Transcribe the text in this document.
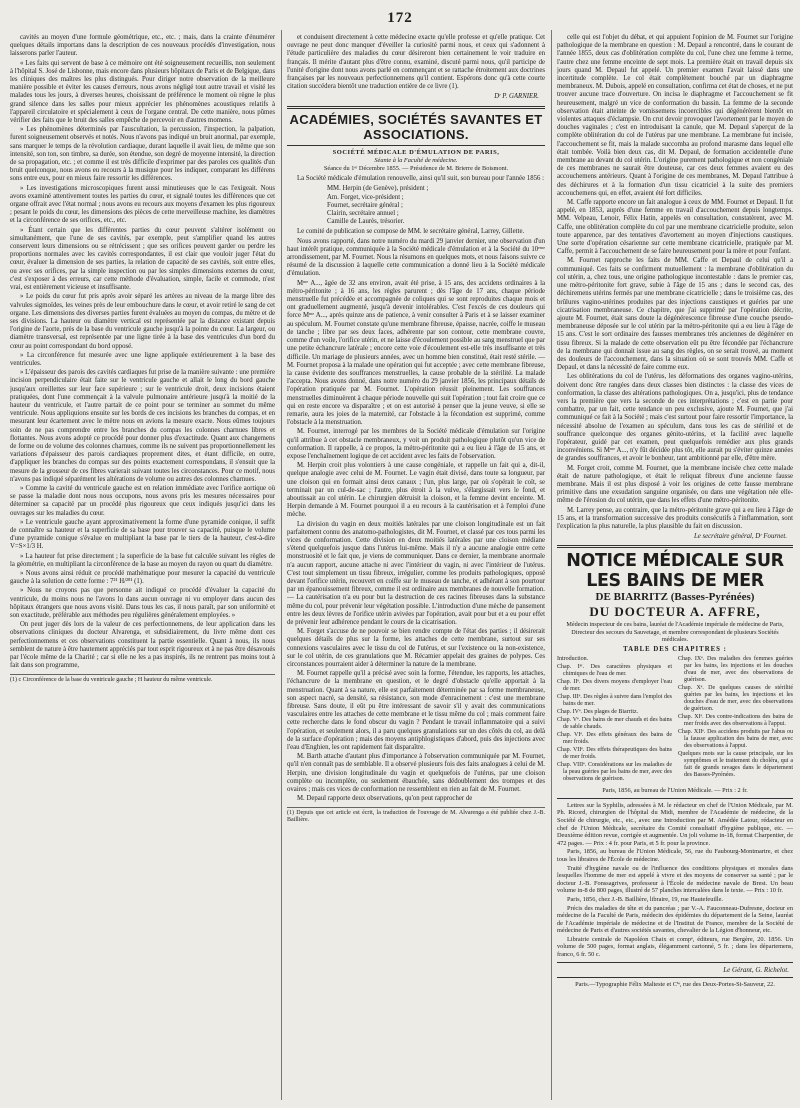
172

cavités au moyen d'une formule géométrique, etc., etc. ; mais, dans la crainte d'énumérer quelques détails importans dans la description de ces nouveaux procédés d'investigation, nous laisserons parler l'auteur.

« Les faits qui servent de base à ce mémoire ont été soigneusement recueillis, non seulement à l'hôpital S. José de Lisbonne, mais encore dans plusieurs hôpitaux de Paris et de Belgique, dans les cliniques des maîtres les plus distingués. Pour diriger notre observation de la meilleure manière possible et éviter les causes d'erreurs, nous avons négligé tout autre travail et visité les malades tous les jours, à diverses heures, choisissant de préférence le moment où règne le plus grand silence dans les salles pour mieux apprécier les phénomènes acoustiques relatifs à l'appareil circulatoire et spécialement à ceux de l'organe central. De cette manière, nous pûmes vérifier des faits que le bruit des salles empêche de percevoir en d'autres momens.

» Les phénomènes déterminés par l'auscultation, la percussion, l'inspection, la palpation, furent soigneusement observés et notés. Nous n'avons pas indiqué un bruit anormal, par exemple, sans marquer le temps de la révolution cardiaque, durant laquelle il avait lieu, de même que son intensité, son ton, son timbre, sa durée, son étendue, son degré de moyenne intensité, la direction de sa propagation, etc. ; et comme il est très difficile d'exprimer par des paroles ces qualités d'un bruit quelconque, nous avons eu recours à la musique pour les indiquer, comparant les différens sons entre eux, pour en mieux faire ressortir les différences.

» Les investigations microscopiques furent aussi minutieuses que le cas l'exigeait. Nous avons examiné attentivement toutes les parties du cœur, et signalé toutes les différences que cet organe offrait avec l'état normal ; nous avons eu recours aux moyens d'examen les plus rigoureux ; pesant le poids du cœur, les dimensions des pièces de cette merveilleuse machine, les diamètres et la circonférence de ses orifices, etc., etc.

» Étant certain que les différentes parties du cœur peuvent s'altérer isolément ou simultanément, que l'une de ses cavités, par exemple, peut s'amplifier quand les autres conservent leurs dimensions ou se rétrécissent ; que ses orifices peuvent garder ou perdre les proportions normales avec les cavités correspondantes, il est clair que vouloir juger l'état du cœur, évaluer la dimension de ses parties, la relation de capacité de ses cavités, soit entre elles, ou avec ses orifices, par la simple inspection ou par les simples dimensions externes du cœur, c'est s'exposer à des erreurs, car cette méthode d'évaluation, simple, facile et commode, n'est vrai, est entièrement vicieuse et insuffisante.

» Le poids du cœur fut pris après avoir séparé les artères au niveau de la marge libre des valvules sigmoïdes, les veines près de leur embouchure dans le cœur, et avoir retiré le sang de cet organe. Les dimensions des diverses parties furent évaluées au moyen du compas, du mètre et de ses divisions. La hauteur ou diamètre vertical est représentée par la distance existant depuis l'origine de l'aorte, près de la base du ventricule gauche jusqu'à la pointe du cœur. La largeur, ou diamètre transversal, est représentée par une ligne tirée à la base des ventricules d'un bord du cœur au point correspondant du bord opposé.

» La circonférence fut mesurée avec une ligne appliquée extérieurement à la base des ventricules.

» L'épaisseur des parois des cavités cardiaques fut prise de la manière suivante : une première incision perpendiculaire était faite sur le ventricule gauche et allait le long du bord gauche jusqu'aux oreillettes sur leur face supérieure ; sur le ventricule droit, deux incisions étaient pratiquées, dont l'une commençait à la valvule pulmonaire antérieure jusqu'à la moitié de la hauteur du ventricule, et l'autre partait de ce point pour se terminer au sommet du même ventricule. Nous appliquions ensuite sur les bords de ces incisions les branches du compas, et en mesurant leur écartement avec le mètre nous en avions la mesure exacte. Nous eûmes toujours soin de ne pas comprendre entre les branches du compas les colonnes charnues libres et flottantes. Nous avons adopté ce procédé pour donner plus d'exactitude. Quant aux changemens de forme ou de volume des colonnes charnues, comme ils ne suivent pas proportionnellement les variations d'épaisseur des parois cardiaques proprement dites, et étant difficile, en outre, d'appliquer les branches du compas sur des points exactement correspondans, il s'ensuit que la mesure de la grosseur de ces fibres varierait suivant toutes les circonstances. Pour ce motif, nous n'avons pas indiqué séparément les altérations de volume ou autres des colonnes charnues.

» Comme la cavité du ventricule gauche est en relation immédiate avec l'orifice aortique où se passe la maladie dont nous nous occupons, nous avons pris les mesures nécessaires pour déterminer sa capacité par un procédé plus rigoureux que ceux indiqués jusqu'ici dans les ouvrages sur les maladies du cœur.

» Le ventricule gauche ayant approximativement la forme d'une pyramide conique, il suffit de connaître sa hauteur et la superficie de sa base pour trouver sa capacité, puisque le volume d'une pyramide conique s'évalue en multipliant la base par le tiers de la hauteur, c'est-à-dire V=S×1/3 H.

» La hauteur fut prise directement ; la superficie de la base fut calculée suivant les règles de la géométrie, en multipliant la circonférence de la base au moyen du rayon ou quart du diamètre.

» Nous avons ainsi réduit ce procédé mathématique pour mesurer la capacité du ventricule gauche à la solution de cette forme : 7²¹ H/²⁸¹ (1).

» Nous ne croyons pas que personne ait indiqué ce procédé d'évaluer la capacité du ventricule, du moins nous ne l'avons lu dans aucun ouvrage ni vu employer dans aucun des hôpitaux étrangers que nous avons visité. Dans tous les cas, il nous paraît, par son uniformité et son exactitude, préférable aux méthodes peu régulières généralement employées. »

On peut juger dès lors de la valeur de ces perfectionnemens, de leur application dans les observations cliniques du docteur Alvarenga, et subsidiairement, du livre même dont ces perfectionnemens et ces observations constituent la partie essentielle. Quant à nous, ils nous semblent de nature à être hautement appréciés par tout esprit rigoureux et à ne pas être désavoués par l'école même de la Charité ; car si elle ne les a pas inspirés, ils ne rentrent pas moins tout à fait dans son programme,

(1) c Circonférence de la base du ventricule gauche ; H hauteur du même ventricule.

et conduisent directement à cette médecine exacte qu'elle professe et qu'elle pratique. Cet ouvrage ne peut donc manquer d'éveiller la curiosité parmi nous, et ceux qui s'adonnent à l'étude particulière des maladies du cœur désireront bien certainement le voir traduire en français. Il mérite d'autant plus d'être connu, examiné, discuté parmi nous, qu'il participe de l'unité d'origine dont nous avons parlé en commençant et se rattache étroitement aux doctrines françaises par les nouveaux perfectionnemens qu'il contient. Espérons donc qu'à cette courte citation succédera bientôt une traduction entière de ce livre (1).

Dʳ P. GARNIER.
ACADÉMIES, SOCIÉTÉS SAVANTES ET ASSOCIATIONS.
SOCIÉTÉ MÉDICALE D'ÉMULATION DE PARIS,
Séante à la Faculté de médecine.
Séance du 1ᵉʳ Décembre 1855. — Présidence de M. Brierre de Boismont.

La Société médicale d'émulation renouvelle, ainsi qu'il suit, son bureau pour l'année 1856 :

MM. Herpin (de Genève), président ;
Am. Forget, vice-président ;
Fournet, secrétaire général ;
Clairin, secrétaire annuel ;
Camille de Laurès, trésorier.

Le comité de publication se compose de MM. le secrétaire général, Larrey, Gillette.

Nous avons rapporté, dans notre numéro du mardi 29 janvier dernier, une observation d'un haut intérêt pratique, communiquée à la Société médicale d'émulation et à la Société du 10ᵉᵐᵉ arrondissement, par M. Fournet. Nous la résumons en quelques mots, et nous faisons suivre ce résumé de la discussion à laquelle cette communication a donné lieu à la Société médicale d'émulation.

Mᵐᵉ A..., âgée de 32 ans environ, avait été prise, à 15 ans, des accidens ordinaires à la métro-péritonite ; à 16 ans, les règles parurent ; dès l'âge de 17 ans, chaque période menstruelle fut précédée et accompagnée de coliques qui se sont reproduites chaque mois et ont graduellement augmenté, jusqu'à devenir intolérables. C'est l'excès de ces douleurs qui force Mᵐᵉ A..., après quinze ans de patience, à venir consulter à Paris et à se laisser examiner au spéculum. M. Fournet constate qu'une membrane fibreuse, épaisse, nacrée, coiffe le museau de tanche ; libre par ses deux faces, adhérente par son contour, cette membrane couvre, comme d'un voile, l'orifice utérin, et ne laisse d'écoulement possible au sang menstruel que par une petite échancrure latérale ; encore cette voie d'écoulement est-elle très insuffisante et très difficile. Un mariage de plusieurs années, avec un homme bien constitué, était resté stérile. — M. Fournet proposa à la malade une opération qui fut acceptée ; avec cette membrane fibreuse, la cause évidente des souffrances menstruelles, la cause probable de la stérilité. La malade l'accepta. Nous avons donné, dans notre numéro du 29 janvier 1856, les principaux détails de l'opération pratiquée par M. Fournet. L'opération réussit pleinement. Les souffrances menstruelles diminuèrent à chaque période nouvelle qui suit l'opération ; tout fait croire que ce qui en reste encore va disparaître ; et on est autorisé à penser que la jeune veuve, si elle se remarie, aura les joies de la maternité, car l'obstacle à la fécondation est supprimé, comme l'obstacle à la menstruation.

M. Fournet, interrogé par les membres de la Société médicale d'émulation sur l'origine qu'il attribue à cet obstacle membraneux, y voit un produit pathologique plutôt qu'un vice de conformation. Il rappelle, à ce propos, la métro-péritonite qui a eu lieu à l'âge de 15 ans, et expose l'enchaînement logique de cet accident avec les faits de l'observation.

M. Herpin croit plus volontiers à une cause congéniale, et rappelle un fait qui a, dit-il, quelque analogie avec celui de M. Fournet. Le vagin était divisé, dans toute sa longueur, par une cloison qui en formait ainsi deux canaux ; l'un, plus large, par où s'opérait le coït, se terminait par un cul-de-sac ; l'autre, plus étroit à la vulve, s'élargissait vers le fond, et aboutissait au col utérin. Le chirurgien détruisit la cloison, et la femme devint enceinte. M. Herpin demande à M. Fournet pourquoi il a eu recours à la cautérisation et à l'emploi d'une mèche.

La division du vagin en deux moitiés latérales par une cloison longitudinale est un fait parfaitement connu des anatomo-pathologistes, dit M. Fournet, et classé par ces tous parmi les vices de conformation. Cette division en deux moitiés latérales par une cloison médiane s'étend quelquefois jusque dans l'utérus lui-même. Mais il n'y a aucune analogie entre cette monstruosité et le fait que, je viens de communiquer. Dans ce dernier, la membrane anormale n'a aucun rapport, aucune attache ni avec l'intérieur du vagin, ni avec l'intérieur de l'utérus. C'est tout simplement un tissu fibreux, irrégulier, comme les produits pathologiques, opposé devant l'orifice utérin, recouvert en coiffe sur le museau de tanche, et adhérant à son pourtour par un épanouissement fibreux, comme il est ordinaire aux membranes de nouvelle formation. — La cautérisation n'a eu pour but la destruction de ces racines fibreuses dans la substance même du col, pour prévenir leur végétation possible. L'introduction d'une mèche de pansement entre les deux lèvres de l'orifice utérin avivées par l'opération, avait pour but et a eu pour effet de prévenir leur adhérence pendant le cours de la cicatrisation.

M. Forget s'accuse de ne pouvoir se bien rendre compte de l'état des parties ; il désirerait quelques détails de plus sur la forme, les attaches de cette membrane, surtout sur ses connexions vasculaires avec le tissu du col de l'utérus, et sur l'existence ou la non-existence, sur le col utérin, de ces granulations que M. Récamier appelait des graines de polypes. Ces circonstances pourraient aider à déterminer la nature de la membrane.

M. Fournet rappelle qu'il a précisé avec soin la forme, l'étendue, les rapports, les attaches, l'échancrure de la membrane en question, et le degré d'obstacle qu'elle apportait à la menstruation. Quant à sa nature, elle est parfaitement déterminée par sa forme membraneuse, son aspect nacré, sa densité, sa résistance, son mode d'enracinement : c'est une membrane fibreuse. Sans doute, il eût pu être intéressant de savoir s'il y avait des communications vasculaires entre les attaches de cette membrane et le tissu même du col ; mais comment faire cette recherche dans le fond obscur du vagin ? Pendant le travail inflammatoire qui a suivi l'opération, et seulement alors, il a paru quelques granulations sur un des côtés du col, au delà de la surface d'opération ; mais des moyens antiphlogistiques d'abord, puis des injections avec l'eau d'Enghien, les ont rapidement fait disparaître.

M. Barth attache d'autant plus d'importance à l'observation communiquée par M. Fournet, qu'il n'en connaît pas de semblable. Il a observé plusieurs fois des faits analogues à celui de M. Herpin, une division longitudinale du vagin et quelquefois de l'utérus, par une cloison complète ou incomplète, ou seulement ébauchée, sans dédoublement des trompes et des ovaires ; mais ces vices de conformation ne ressemblent en rien au fait de M. Fournet.

M. Depaul rapporte deux observations, qu'on peut rapprocher de

(1) Depuis que cet article est écrit, la traduction de l'ouvrage de M. Alvarenga a été publiée chez J.-B. Baillière.

celle qui est l'objet du débat, et qui appuient l'opinion de M. Fournet sur l'origine pathologique de la membrane en question : M. Depaul a rencontré, dans le courant de l'année 1855, deux cas d'oblitération complète du col, l'une chez une femme à terme, l'autre chez une femme enceinte de sept mois. La première était en travail depuis six jours quand M. Depaul fut appelé. Un premier examen l'avait laissé dans une incertitude complète. Le col était complètement bouché par un diaphragme membraneux. M. Dubois, appelé en consultation, confirma cet état de choses, et ne put trouver aucune trace d'ouverture. On incisa le diaphragme et l'accouchement se fit heureusement, malgré un vice de conformation du bassin. La femme de la seconde observation était atteinte de vomissemens incoercibles qui dégénérèrent bientôt en violentes attaques d'éclampsie. On crut devoir provoquer l'avortement par le moyen de douches vaginales ; c'est en introduisant la canule, que M. Depaul s'aperçut de la complète oblitération du col de l'utérus par une membrane. La membrane fut incisée, l'accouchement se fit, mais la malade succomba au profond marasme dans lequel elle était tombée. Voilà bien deux cas, dit M. Depaul, de formation accidentelle d'une membrane au devant du col utérin. L'origine purement pathologique et non congéniale de ces membranes ne saurait être douteuse, car ces deux femmes avaient eu des accouchemens antérieurs. Quant à l'origine de ces membranes, M. Depaul l'attribue à des déchirures et à la formation d'un tissu cicatriciel à la suite des premiers accouchemens qui, en effet, avaient été fort difficiles.

M. Caffe rapporte encore un fait analogue à ceux de MM. Fournet et Depaul. Il fut appelé, en 1853, auprès d'une femme en travail d'accouchement depuis longtemps. MM. Velpeau, Lenoir, Félix Hatin, appelés en consultation, constatèrent, avec M. Caffe, une oblitération complète du col par une membrane cicatricielle produite, selon toute apparence, par des tentatives d'avortement au moyen d'injections caustiques. Une sorte d'opération césarienne sur cette membrane cicatricielle, pratiquée par M. Caffe, permit à l'accouchement de se faire heureusement pour la mère et pour l'enfant.

M. Fournet rapproche les faits de MM. Caffe et Depaul de celui qu'il a communiqué. Ces faits se confirment mutuellement : la membrane d'oblitération du col utérin, a, chez tous, une origine pathologique incontestable : dans le premier cas, une métro-péritonite fort grave, subie à l'âge de 15 ans ; dans le second cas, des déchiremens utérins fermés par une membrane cicatricielle ; dans le troisième cas, des brûlures vagino-utérines produites par des injections caustiques et guéries par une cicatrisation membraneuse. Ce chapitre, que j'ai supprimé par l'opération décrite, ajoute M. Fournet, était sans doute la dégénérescence fibreuse d'une couche pseudo-membraneuse déposée sur le col utérin par la métro-péritonite qui a eu lieu à l'âge de 15 ans. C'est le sort ordinaire des fausses membranes très anciennes de dégénérer en tissu fibreux. Si la malade de cette observation eût pu être fécondée par l'échancrure de la membrane qui donnait issue au sang des règles, on se serait trouvé, au moment des douleurs de l'accouchement, dans la situation où se sont trouvés MM. Caffe et Depaul, et dans la nécessité de faire comme eux.

Les oblitérations du col de l'utérus, les déformations des organes vagino-utérins, doivent donc être rangées dans deux classes bien distinctes : la classe des vices de conformation, la classe des altérations pathologiques. On a, jusqu'ici, plus de tendance vers la première que vers la seconde de ces interprétations ; c'est en partie pour combattre, par un fait, cette tendance un peu exclusive, ajoute M. Fournet, que j'ai communiqué ce fait à la Société ; mais c'est surtout pour faire ressortir l'importance, la nécessité absolue de l'examen au spéculum, dans tous les cas de stérilité et de souffrance quelconque des organes génito-utérins, et la facilité avec laquelle l'opérateur, guidé par cet examen, peut quelquefois remédier aux plus grands inconvéniens. Si Mᵐᵉ A..., n'y fût décidée plus tôt, elle aurait pu s'éviter quinze années de grandes souffrances, et avoir le bonheur, tant ambitionné par elle, d'être mère.

M. Forget croit, comme M. Fournet, que la membrane incisée chez cette malade était de nature pathologique, et était le reliquat fibreux d'une ancienne fausse membrane. Mais il est plus disposé à voir les origines de cette fausse membrane primitive dans une exsudation sanguine organisée, ou dans une végétation née elle-même de l'érosion du col utérin, que dans les effets d'une métro-péritonite.

M. Larrey pense, au contraire, que la métro-péritonite grave qui a eu lieu à l'âge de 15 ans, et la transformation successive des produits consécutifs à l'inflammation, sont l'explication la plus naturelle, la plus plausible du fait en discussion.

Le secrétaire général, Dʳ Fournet.
NOTICE MÉDICALE SUR LES BAINS DE MER
DE BIARRITZ (Basses-Pyrénées)
DU DOCTEUR A. AFFRE,
Médecin inspecteur de ces bains, lauréat de l'Académie impériale de médecine de Paris, Directeur des secours du Sauvetage, et membre correspondant de plusieurs Sociétés médicales.
TABLE DES CHAPITRES :
Introduction.
Chap. Iᵉʳ. Des caractères physiques et chimiques de l'eau de mer.
Chap. IIᵉ. Des divers moyens d'employer l'eau de mer.
Chap. IIIᵉ. Des règles à suivre dans l'emploi des bains de mer.
Chap. IVᵉ. Des plages de Biarritz.
Chap. Vᵉ. Des bains de mer chauds et des bains de sable chauds.
Chap. VIᵉ. Des effets généraux des bains de mer froids.
Chap. VIIᵉ. Des effets thérapeutiques des bains de mer froids.
Chap. VIIIᵉ. Considérations sur les maladies de la peau guéries par les bains de mer, avec des observations de guérison.
Chap. IXᵉ. Des maladies des femmes guéries par les bains, les injections et les douches d'eau de mer, avec des observations de guérison.
Chap. Xᵉ. De quelques causes de stérilité guéries par les bains, les injections et les douches d'eau de mer, avec des observations de guérison.
Chap. XIᵉ. Des contre-indications des bains de mer froids avec des observations à l'appui.
Chap. XIIᵉ. Des accidens produits par l'abus ou la fausse application des bains de mer, avec des observations à l'appui.
Quelques mots sur la cause principale, sur les symptômes et le traitement du choléra, qui a fait de grands ravages dans le département des Basses-Pyrénées.

Paris, 1856, au bureau de l'Union Médicale. — Prix : 2 fr.

Lettres sur la Syphilis, adressées à M. le rédacteur en chef de l'Union Médicale, par M. Ph. Ricord, chirurgien de l'hôpital du Midi, membre de l'Académie de médecine, de la Société de chirurgie, etc., etc., avec une Introduction par M. Amédée Latour, rédacteur en chef de l'Union Médicale, secrétaire du Comité consultatif d'hygiène publique, etc. — Deuxième édition revue, corrigée et augmentée. Un joli volume in-18, format Charpentier, de 472 pages. — Prix : 4 fr. pour Paris, et 5 fr. pour la province.

Paris, 1856, au bureau de l'Union Médicale, 56, rue du Faubourg-Montmartre, et chez tous les libraires de l'École de médecine.

Traité d'hygiène navale ou de l'influence des conditions physiques et morales dans lesquelles l'homme de mer est appelé à vivre et des moyens de conserver sa santé ; par le docteur J.-B. Fonssagrives, professeur à l'École de médecine navale de Brest. Un beau volume in-8 de 800 pages, illustré de 57 planches intercalées dans le texte. — Prix : 10 fr.

Paris, 1856, chez J.-B. Baillière, libraire, 19, rue Hautefeuille.

Précis des maladies de tête et du pancréas ; par V.-A. Fauconneau-Dufresne, docteur en médecine de la Faculté de Paris, médecin des épidémies du département de la Seine, lauréat de l'Académie impériale de médecine et de l'Institut de France, membre de la Société de médecine de Paris et d'autres sociétés savantes, chevalier de la Légion d'honneur, etc.

Librairie centrale de Napoléon Chaix et compᵉ, éditeurs, rue Bergère, 20. 1856. Un volume de 500 pages, format anglais, élégamment cartonné, 5 fr. ; dans les départemens, franco, 6 fr. 50 c.

Le Gérant, G. Richelot.
Paris.—Typographie Félix Malteste et Cⁱᵉ, rue des Deux-Portes-St-Sauveur, 22.
